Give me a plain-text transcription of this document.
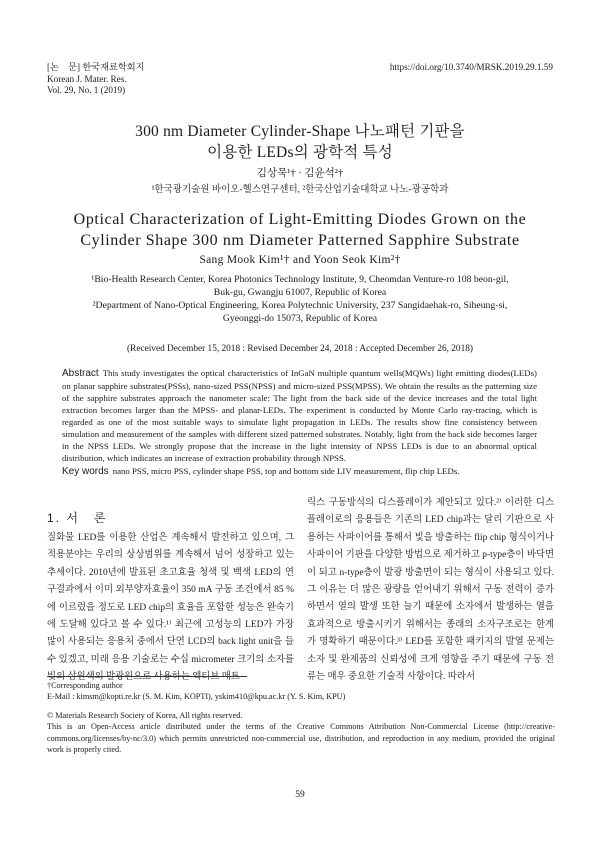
[논　문] 한국재료학회지
Korean J. Mater. Res.
Vol. 29, No. 1 (2019)
https://doi.org/10.3740/MRSK.2019.29.1.59
300 nm Diameter Cylinder-Shape 나노패턴 기판을
이용한 LEDs의 광학적 특성
김상묵¹† · 김윤석²†
¹한국광기술원 바이오-헬스연구센터, ²한국산업기술대학교 나노-광공학과
Optical Characterization of Light-Emitting Diodes Grown on the
Cylinder Shape 300 nm Diameter Patterned Sapphire Substrate
Sang Mook Kim¹† and Yoon Seok Kim²†
¹Bio-Health Research Center, Korea Photonics Technology Institute, 9, Cheomdan Venture-ro 108 beon-gil,
Buk-gu, Gwangju 61007, Republic of Korea
²Department of Nano-Optical Engineering, Korea Polytechnic University, 237 Sangidaehak-ro, Siheung-si,
Gyeonggi-do 15073, Republic of Korea
(Received December 15, 2018 : Revised December 24, 2018 : Accepted December 26, 2018)
Abstract This study investigates the optical characteristics of InGaN multiple quantum wells(MQWs) light emitting diodes(LEDs) on planar sapphire substrates(PSSs), nano-sized PSS(NPSS) and micro-sized PSS(MPSS). We obtain the results as the patterning size of the sapphire substrates approach the nanometer scale: The light from the back side of the device increases and the total light extraction becomes larger than the MPSS- and planar-LEDs. The experiment is conducted by Monte Carlo ray-tracing, which is regarded as one of the most suitable ways to simulate light propagation in LEDs. The results show fine consistency between simulation and measurement of the samples with different sized patterned substrates. Notably, light from the back side becomes larger in the NPSS LEDs. We strongly propose that the increase in the light intensity of NPSS LEDs is due to an abnormal optical distribution, which indicates an increase of extraction probability through NPSS.
Key words nano PSS, micro PSS, cylinder shape PSS, top and bottom side LIV measurement, flip chip LEDs.
1. 서　론
질화물 LED를 이용한 산업은 계속해서 발전하고 있으며, 그 적용분야는 우리의 상상범위를 계속해서 넘어 성장하고 있는 추세이다. 2010년에 발표된 초고효율 청색 및 백색 LED의 연구결과에서 이미 외부양자효율이 350 mA 구동 조건에서 85 %에 이르렀을 정도로 LED chip의 효율을 포함한 성능은 완숙기에 도달해 있다고 볼 수 있다.¹⁾ 최근에 고성능의 LED가 가장 많이 사용되는 응용처 중에서 단연 LCD의 back light unit을 들 수 있겠고, 미래 응용 기술로는 수십 micrometer 크기의 소자를 빛의 삼원색의 발광원으로 사용하는 액티브 매트
릭스 구동방식의 디스플레이가 제안되고 있다.²⁾ 이러한 디스플레이로의 응용들은 기존의 LED chip과는 달리 기판으로 사용하는 사파이어를 통해서 빛을 방출하는 flip chip 형식이거나 사파이어 기판을 다양한 방법으로 제거하고 p-type층이 바닥면이 되고 n-type층이 발광 방출면이 되는 형식이 사용되고 있다. 그 이유는 더 많은 광량을 얻어내기 위해서 구동 전력이 증가하면서 열의 발생 또한 늘기 때문에 소자에서 발생하는 열을 효과적으로 방출시키기 위해서는 종래의 소자구조로는 한계가 명확하기 때문이다.³⁾ LED를 포함한 패키지의 발열 문제는 소자 및 완제품의 신뢰성에 크게 영향을 주기 때문에 구동 전류는 매우 중요한 기술적 사항이다. 따라서
†Corresponding author
E-Mail : kimsm@kopti.re.kr (S. M. Kim, KOPTI), yskim410@kpu.ac.kr (Y. S. Kim, KPU)
© Materials Research Society of Korea, All rights reserved.
This is an Open-Access article distributed under the terms of the Creative Commons Attribution Non-Commercial License (http://creative-commons.org/licenses/by-nc/3.0) which permits unrestricted non-commercial use, distribution, and reproduction in any medium, provided the original work is properly cited.
59
